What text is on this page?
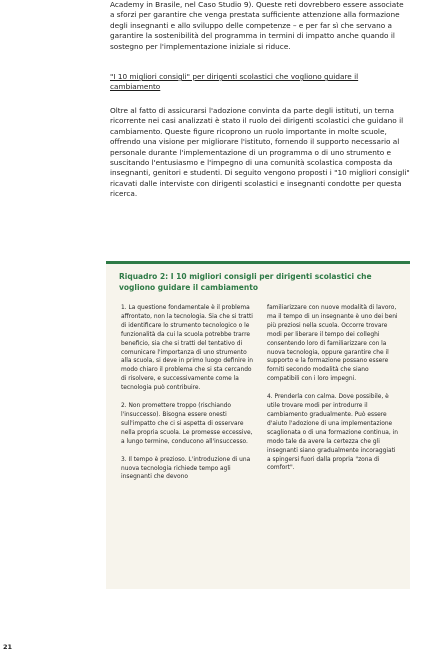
Academy in Brasile, nel Caso Studio 9). Queste reti dovrebbero essere associate a sforzi per garantire che venga prestata sufficiente attenzione alla formazione degli insegnanti e allo sviluppo delle competenze – e per far sì che servano a garantire la sostenibilità del programma in termini di impatto anche quando il sostegno per l'implementazione iniziale si riduce.

"I 10 migliori consigli" per dirigenti scolastici che vogliono guidare il cambiamento

Oltre al fatto di assicurarsi l'adozione convinta da parte degli istituti, un terna ricorrente nei casi analizzati è stato il ruolo dei dirigenti scolastici che guidano il cambiamento. Queste figure ricoprono un ruolo importante in molte scuole, offrendo una visione per migliorare l'istituto, fornendo il supporto necessario al personale durante l'implementazione di un programma o di uno strumento e suscitando l'entusiasmo e l'impegno di una comunità scolastica composta da insegnanti, genitori e studenti. Di seguito vengono proposti i "10 migliori consigli" ricavati dalle interviste con dirigenti scolastici e insegnanti condotte per questa ricerca.

Riquadro 2: I 10 migliori consigli per dirigenti scolastici che vogliono guidare il cambiamento

1. La questione fondamentale è il problema affrontato, non la tecnologia. Sia che si tratti di identificare lo strumento tecnologico o le funzionalità da cui la scuola potrebbe trarre beneficio, sia che si tratti del tentativo di comunicare l'importanza di uno strumento alla scuola, si deve in primo luogo definire in modo chiaro il problema che si sta cercando di risolvere, e successivamente come la tecnologia può contribuire.

2. Non promettere troppo (rischiando l'insuccesso). Bisogna essere onesti sull'impatto che ci si aspetta di osservare nella propria scuola. Le promesse eccessive, a lungo termine, conducono all'insuccesso.

3. Il tempo è prezioso. L'introduzione di una nuova tecnologia richiede tempo agli insegnanti che devono

familiarizzare con nuove modalità di lavoro, ma il tempo di un insegnante è uno dei beni più preziosi nella scuola. Occorre trovare modi per liberare il tempo dei colleghi consentendo loro di familiarizzare con la nuova tecnologia, oppure garantire che il supporto e la formazione possano essere forniti secondo modalità che siano compatibili con i loro impegni.

4. Prenderla con calma. Dove possibile, è utile trovare modi per introdurre il cambiamento gradualmente. Può essere d'aiuto l'adozione di una implementazione scaglionata o di una formazione continua, in modo tale da avere la certezza che gli insegnanti siano gradualmente incoraggiati a spingersi fuori dalla propria "zona di comfort".

21
